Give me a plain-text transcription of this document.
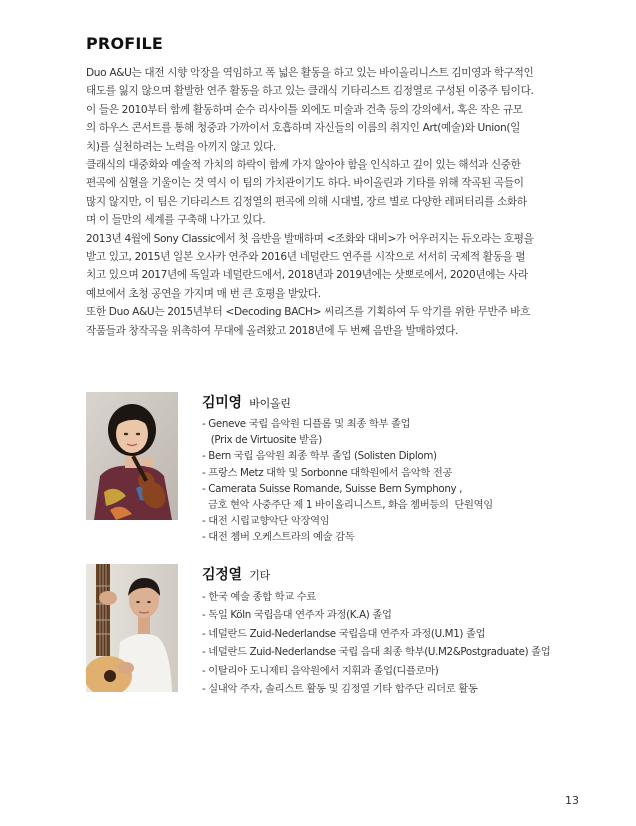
PROFILE

Duo A&U는 대전 시향 악장을 역임하고 폭 넓은 활동을 하고 있는 바이올리니스트 김미영과 학구적인

태도를 잃지 않으며 활발한 연주 활동을 하고 있는 클래식 기타리스트 김정열로 구성된 이중주 팀이다.

이 들은 2010부터 함께 활동하며 순수 리사이틀 외에도 미술과 건축 등의 강의에서, 혹은 작은 규모

의 하우스 콘서트를 통해 청중과 가까이서 호흡하며 자신들의 이름의 취지인 Art(예술)와 Union(일

치)를 실천하려는 노력을 아끼지 않고 있다.

클래식의 대중화와 예술적 가치의 하락이 함께 가지 않아야 함을 인식하고 깊이 있는 해석과 신중한

편곡에 심혈을 기울이는 것 역시 이 팀의 가치관이기도 하다. 바이올린과 기타를 위해 작곡된 곡들이

많지 않지만, 이 팀은 기타리스트 김정열의 편곡에 의해 시대별, 장르 별로 다양한 레퍼터리를 소화하

며 이 들만의 세계를 구축해 나가고 있다.

2013년 4월에 Sony Classic에서 첫 음반을 발매하며 <조화와 대비>가 어우러지는 듀오라는 호평을

받고 있고, 2015년 일본 오사카 연주와 2016년 네덜란드 연주를 시작으로 서서히 국제적 활동을 펼

치고 있으며 2017년에 독일과 네덜란드에서, 2018년과 2019년에는 삿뽀로에서, 2020년에는 사라

예보에서 초청 공연을 가지며 매 번 큰 호평을 받았다.

또한 Duo A&U는 2015년부터 <Decoding BACH> 씨리즈를 기획하여 두 악기를 위한 무반주 바흐

작품들과 창작곡을 위촉하여 무대에 올려왔고 2018년에 두 번째 음반을 발매하였다.

김미영 바이올린
- Geneve 국립 음악원 디플롬 및 최종 학부 졸업
(Prix de Virtuosite 받음)
- Bern 국립 음악원 최종 학부 졸업 (Solisten Diplom)
- 프랑스 Metz 대학 및 Sorbonne 대학원에서 음악학 전공
- Camerata Suisse Romande, Suisse Bern Symphony ,
금호 현악 사중주단 제 1 바이올리니스트, 화음 쳄버등의  단원역임
- 대전 시립교향악단 악장역임
- 대전 쳄버 오케스트라의 예술 감독
김정열 기타
- 한국 예술 종합 학교 수료
- 독일 Köln 국립음대 연주자 과정(K.A) 졸업
- 네덜란드 Zuid-Nederlandse 국립음대 연주자 과정(U.M1) 졸업
- 네덜란드 Zuid-Nederlandse 국립 음대 최종 학부(U.M2&Postgraduate) 졸업
- 이탈리아 도니제티 음악원에서 지휘과 졸업(디플로마)
- 실내악 주자, 솔리스트 활동 및 김정열 기타 합주단 리더로 활동
13
